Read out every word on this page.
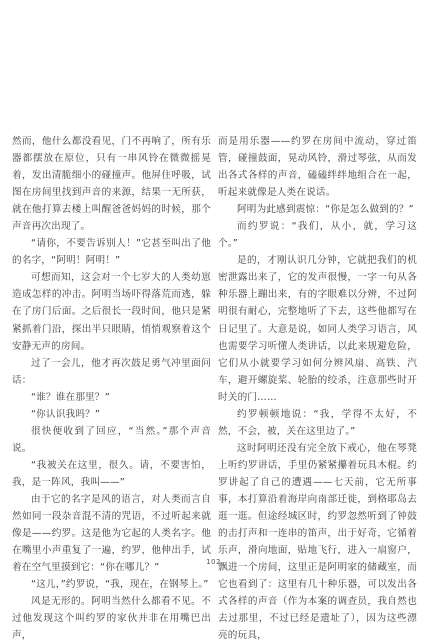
然而，他什么都没看见，门不再响了，所有乐器都摆放在原位，只有一串风铃在微微摇晃着，发出清脆细小的碰撞声。他屏住呼吸，试图在房间里找到声音的来源，结果一无所获，就在他打算去楼上叫醒爸爸妈妈的时候，那个声音再次出现了。

“请你，不要告诉别人！”它甚至叫出了他的名字，“阿明！阿明！”

可想而知，这会对一个七岁大的人类幼崽造成怎样的冲击。阿明当场吓得落荒而逃，躲在了房门后面。之后很长一段时间，他只是紧紧抓着门沿，探出半只眼睛，悄悄观察着这个安静无声的房间。

过了一会儿，他才再次鼓足勇气冲里面问话：

“谁？谁在那里？”

“你认识我吗？”

很快便收到了回应，“当然。”那个声音说。

“我被关在这里，很久。请，不要害怕，我，是一阵风，我叫——”

由于它的名字是风的语言，对人类而言自然如同一段杂音混不清的咒语，不过听起来就像是——约罗。这是他为它起的人类名字。他在嘴里小声重复了一遍，约罗，他伸出手，试着在空气里摸到它：“你在哪儿？”

“这儿，”约罗说，“我，现在，在钢琴上。”

风是无形的。阿明当然什么都看不见。不过他发现这个叫约罗的家伙并非在用嘴巴出声，

而是用乐器——约罗在房间中流动，穿过笛管，碰撞鼓面，晃动风铃，滑过琴弦，从而发出各式各样的声音，磕磕绊绊地组合在一起，听起来就像是人类在说话。

阿明为此感到震惊：“你是怎么做到的？”

而约罗说：“我们，从小，就，学习这个。”

是的，才刚认识几分钟，它就把我们的机密泄露出来了，它的发声很慢，一字一句从各种乐器上蹦出来，有的字眼难以分辨，不过阿明很有耐心，完整地听了下去，这些他都写在日记里了。大意是说，如同人类学习语言，风也需要学习听懂人类讲话，以此来规避危险，它们从小就要学习如何分辨风扇、高铁、汽车，避开螺旋桨、轮胎的绞杀，注意那些时开时关的门……

约罗顿顿地说：“我，学得不太好，不然，不会，被，关在这里边了。”

这时阿明还没有完全放下戒心，他在琴凳上听约罗讲话，手里仍紧紧攥着玩具木棍。约罗讲起了自己的遭遇——七天前，它无所事事，本打算沿着海岸向南部迁徙，到格耶岛去逛一逛。但途经城区时，约罗忽然听到了钟鼓的击打声和一连串的笛声，出于好奇，它循着乐声，滑向地面，贴地飞行，进入一扇窗户，飘进一个房间，这里正是阿明家的储藏室，而它也看到了：这里有几十种乐器，可以发出各式各样的声音（作为本案的调查员，我自然也去过那里，不过已经是遗址了），因为这些漂亮的玩具，

102
